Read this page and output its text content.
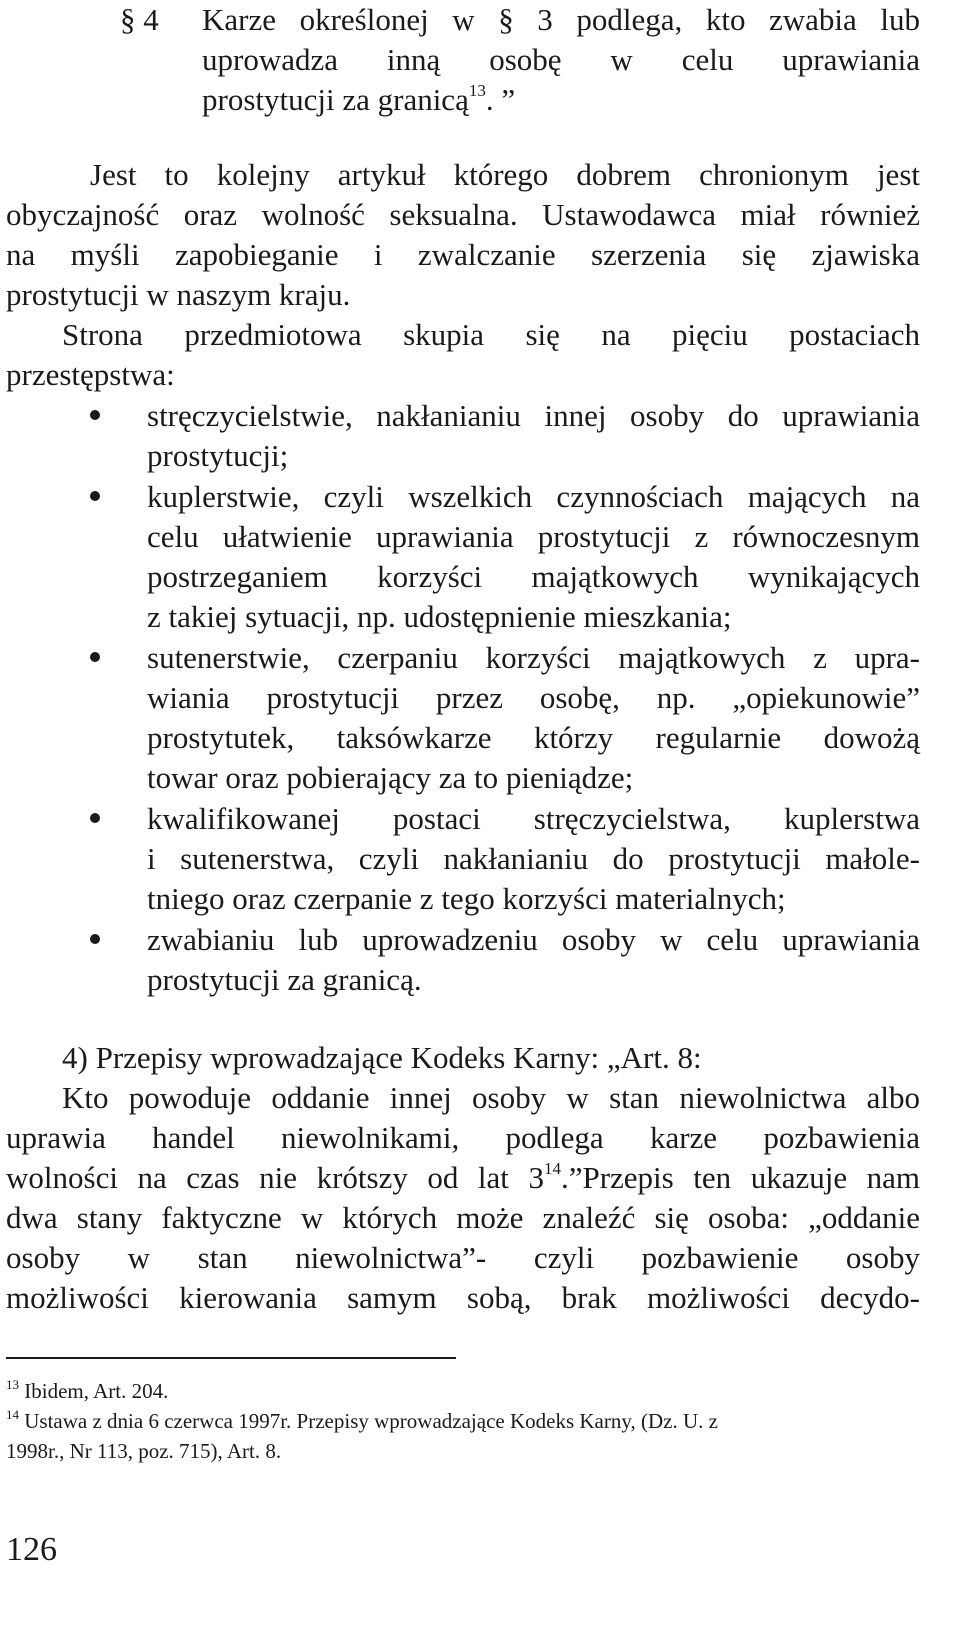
§ 4 Karze określonej w § 3 podlega, kto zwabia lub
uprowadza inną osobę w celu uprawiania
prostytucji za granicą$^{13}$. ”
Jest to kolejny artykuł którego dobrem chronionym jest
obyczajność oraz wolność seksualna. Ustawodawca miał również
na myśli zapobieganie i zwalczanie szerzenia się zjawiska
prostytucji w naszym kraju.
Strona przedmiotowa skupia się na pięciu postaciach
przestępstwa:
stręczycielstwie, nakłanianiu innej osoby do uprawiania
prostytucji;
kuplerstwie, czyli wszelkich czynnościach mających na
celu ułatwienie uprawiania prostytucji z równoczesnym
postrzeganiem korzyści majątkowych wynikających
z takiej sytuacji, np. udostępnienie mieszkania;
sutenerstwie, czerpaniu korzyści majątkowych z upra-
wiania prostytucji przez osobę, np. „opiekunowie”
prostytutek, taksówkarze którzy regularnie dowożą
towar oraz pobierający za to pieniądze;
kwalifikowanej postaci stręczycielstwa, kuplerstwa
i sutenerstwa, czyli nakłanianiu do prostytucji małole-
tniego oraz czerpanie z tego korzyści materialnych;
zwabianiu lub uprowadzeniu osoby w celu uprawiania
prostytucji za granicą.
4) Przepisy wprowadzające Kodeks Karny: „Art. 8:
Kto powoduje oddanie innej osoby w stan niewolnictwa albo
uprawia handel niewolnikami, podlega karze pozbawienia
wolności na czas nie krótszy od lat $3^{14}.”Przepis$ ten ukazuje nam
dwa stany faktyczne w których może znaleźć się osoba: „oddanie
osoby w stan niewolnictwa”- czyli pozbawienie osoby
możliwości kierowania samym sobą, brak możliwości decydo-
$^{13}$ Ibidem, Art. 204.
$^{14}$ Ustawa z dnia 6 czerwca 1997r. Przepisy wprowadzające Kodeks Karny, (Dz. U. z
1998r., Nr 113, poz. 715), Art. 8.
126
